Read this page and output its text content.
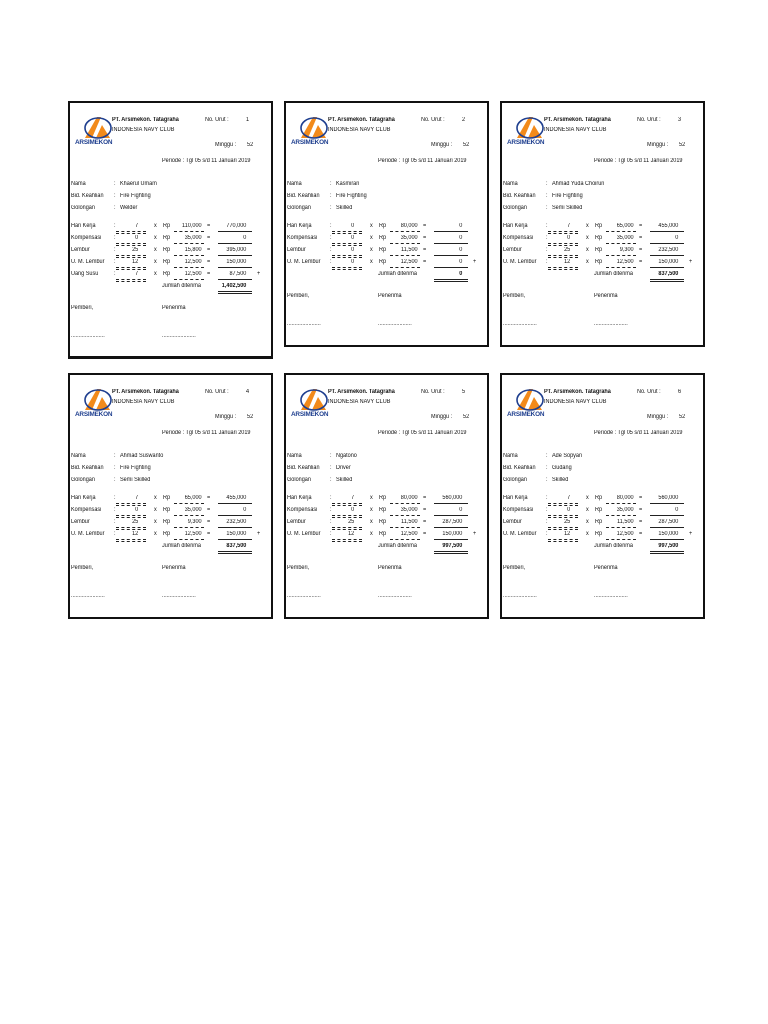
ARSIMEKON
PT. Arsimekon. Tatagraha
INDONESIA NAVY CLUB
No. Urut :	1
Minggu : 52
Periode : Tgl 05 s/d 11 Januari 2019
Nama	: Khaerul Umam
Bid. Keahlian : Fire Fighting
Golongan	: Welder
Hari Kerja	:	7	x Rp	110,000 =	770,000
Kompensasi :	0	x Rp	35,000 =	0
Lembur	:	25	x Rp	15,800 =	395,000
U. M. Lembur :	12	x Rp	12,500 =	150,000
Uang Susu	:	7	x Rp	12,500 =	87,500 +
Jumlah diterima	1,402,500
Pemberi,	Penerima
......................	......................
ARSIMEKON
PT. Arsimekon. Tatagraha
INDONESIA NAVY CLUB
No. Urut :	2
Minggu : 52
Periode : Tgl 05 s/d 11 Januari 2019
Nama	: Kasmiran
Bid. Keahlian : Fire Fighting
Golongan	: Skilled
Hari Kerja	:	0	x Rp	80,000 =	0
Kompensasi :	0	x Rp	35,000 =	0
Lembur	:	0	x Rp	11,500 =	0
U. M. Lembur :	0	x Rp	12,500 =	0 +
Jumlah diterima	0
Pemberi,	Penerima
......................	......................
ARSIMEKON
PT. Arsimekon. Tatagraha
INDONESIA NAVY CLUB
No. Urut :	3
Minggu : 52
Periode : Tgl 05 s/d 11 Januari 2019
Nama	: Ahmad Yuda Choirun
Bid. Keahlian : Fire Fighting
Golongan	: Semi Skilled
Hari Kerja	:	7	x Rp	65,000 =	455,000
Kompensasi :	0	x Rp	35,000 =	0
Lembur	:	25	x Rp	9,300 =	232,500
U. M. Lembur :	12	x Rp	12,500 =	150,000 +
Jumlah diterima	837,500
Pemberi,	Penerima
......................	......................
ARSIMEKON
PT. Arsimekon. Tatagraha
INDONESIA NAVY CLUB
No. Urut :	4
Minggu : 52
Periode : Tgl 05 s/d 11 Januari 2019
Nama	: Ahmad Suswanto
Bid. Keahlian : Fire Fighting
Golongan	: Semi Skilled
Hari Kerja	:	7	x Rp	65,000 =	455,000
Kompensasi :	0	x Rp	35,000 =	0
Lembur	:	25	x Rp	9,300 =	232,500
U. M. Lembur :	12	x Rp	12,500 =	150,000 +
Jumlah diterima	837,500
Pemberi,	Penerima
......................	......................
ARSIMEKON
PT. Arsimekon. Tatagraha
INDONESIA NAVY CLUB
No. Urut :	5
Minggu : 52
Periode : Tgl 05 s/d 11 Januari 2019
Nama	: Ngatono
Bid. Keahlian : Driver
Golongan	: Skilled
Hari Kerja	:	7	x Rp	80,000 =	560,000
Kompensasi :	0	x Rp	35,000 =	0
Lembur	:	25	x Rp	11,500 =	287,500
U. M. Lembur :	12	x Rp	12,500 =	150,000 +
Jumlah diterima	997,500
Pemberi,	Penerima
......................	......................
ARSIMEKON
PT. Arsimekon. Tatagraha
INDONESIA NAVY CLUB
No. Urut :	6
Minggu : 52
Periode : Tgl 05 s/d 11 Januari 2019
Nama	: Ade Sopyan
Bid. Keahlian : Gudang
Golongan	: Skilled
Hari Kerja	:	7	x Rp	80,000 =	560,000
Kompensasi :	0	x Rp	35,000 =	0
Lembur	:	25	x Rp	11,500 =	287,500
U. M. Lembur :	12	x Rp	12,500 =	150,000 +
Jumlah diterima	997,500
Pemberi,	Penerima
......................	......................
